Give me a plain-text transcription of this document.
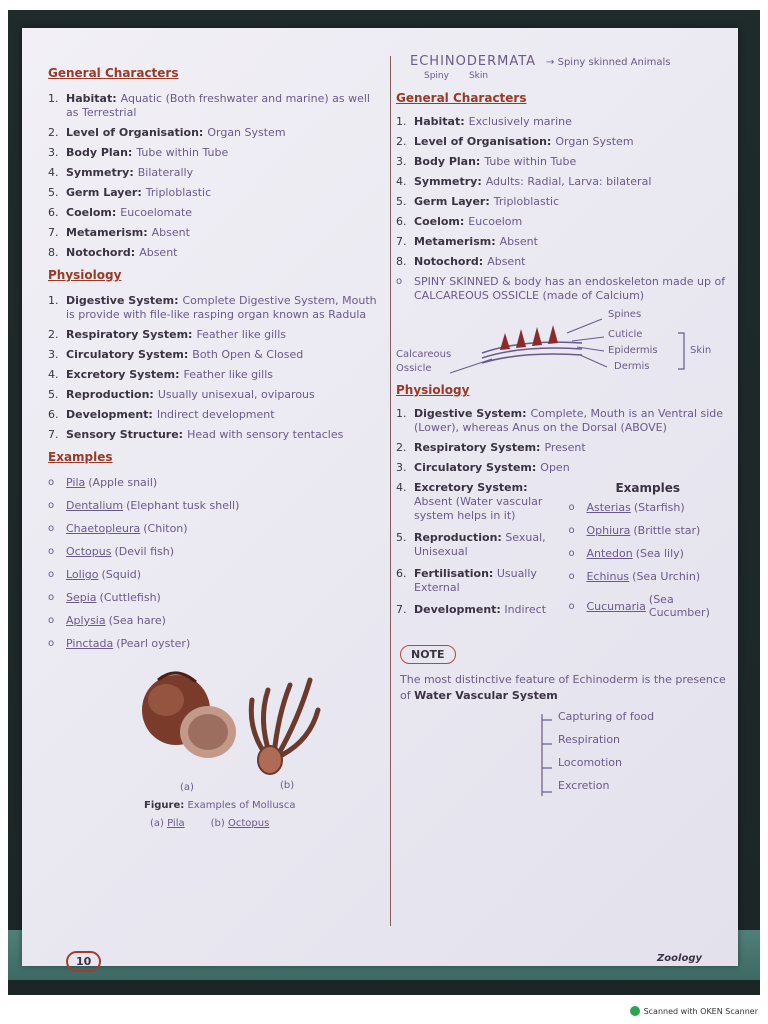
General Characters

1. Habitat: Aquatic (Both freshwater and marine) as well as Terrestrial
2. Level of Organisation: Organ System
3. Body Plan: Tube within Tube
4. Symmetry: Bilaterally
5. Germ Layer: Triploblastic
6. Coelom: Eucoelomate
7. Metamerism: Absent
8. Notochord: Absent

Physiology

1. Digestive System: Complete Digestive System, Mouth is provide with file-like rasping organ known as Radula
2. Respiratory System: Feather like gills
3. Circulatory System: Both Open & Closed
4. Excretory System: Feather like gills
5. Reproduction: Usually unisexual, oviparous
6. Development: Indirect development
7. Sensory Structure: Head with sensory tentacles

Examples

o	Pila (Apple snail)
o	Dentalium (Elephant tusk shell)
o	Chaetopleura (Chiton)
o	Octopus (Devil fish)
o	Loligo (Squid)
o	Sepia (Cuttlefish)
o	Aplysia (Sea hare)
o	Pinctada (Pearl oyster)
(a)	(b)
Figure: Examples of Mollusca
(a) Pila	(b) Octopus
ECHINODERMATA → Spiny skinned Animals
Spiny Skin

General Characters

1. Habitat: Exclusively marine
2. Level of Organisation: Organ System
3. Body Plan: Tube within Tube
4. Symmetry: Adults: Radial, Larva: bilateral
5. Germ Layer: Triploblastic
6. Coelom: Eucoelom
7. Metamerism: Absent
8. Notochord: Absent
o	SPINY SKINNED & body has an endoskeleton made up of CALCAREOUS OSSICLE (made of Calcium)
Spines
Cuticle
Epidermis
Dermis
Skin
Calcareous
Ossicle

Physiology

1. Digestive System: Complete, Mouth is an Ventral side (Lower), whereas Anus on the Dorsal (ABOVE)
2. Respiratory System: Present
3. Circulatory System: Open
4. Excretory System:
Absent (Water vascular system helps in it)
5. Reproduction: Sexual, Unisexual
6. Fertilisation: Usually External
7. Development: Indirect

Examples

o	Asterias (Starfish)
o	Ophiura (Brittle star)
o	Antedon (Sea lily)
o	Echinus (Sea Urchin)
o	Cucumaria (Sea Cucumber)
NOTE
The most distinctive feature of Echinoderm is the presence of Water Vascular System
Capturing of food
Respiration
Locomotion
Excretion
10	Zoology
Scanned with OKEN Scanner
